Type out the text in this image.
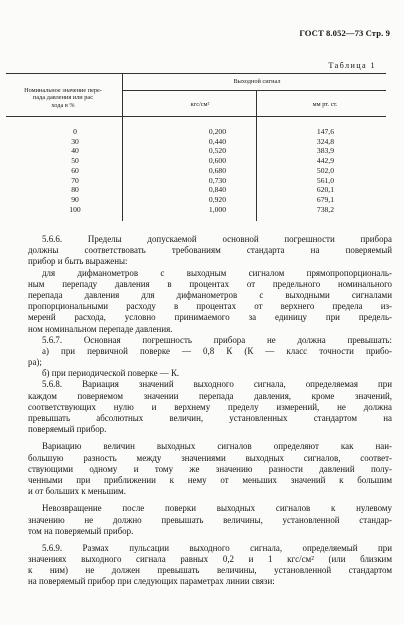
ГОСТ 8.052—73 Стр. 9
Таблица 1
Номинальное значение пере-
пада давления или рас
хода в %
Выходной сигнал
кгс/см²	мм рт. ст.
0	0,200	147,6
30	0,440	324,8
40	0,520	383,9
50	0,600	442,9
60	0,680	502,0
70	0,730	561,0
80	0,840	620,1
90	0,920	679,1
100	1,000	738,2
5.6.6. Пределы допускаемой основной погрешности прибора
должны соответствовать требованиям стандарта на поверяемый
прибор и быть выражены:
для дифманометров с выходным сигналом прямопропорциональ-
ным перепаду давления в процентах от предельного номинального
перепада давления для дифманометров с выходными сигналами
пропорциональными расходу в процентах от верхнего предела из-
меренй расхода, условно принимаемого за единицу при предель-
ном номинальном перепаде давления.
5.6.7. Основная погрешность прибора не должна превышать:
а) при первичной поверке — 0,8 К (К — класс точности прибо-
ра);
б) при периодической поверке — К.
5.6.8. Вариация значений выходного сигнала, определяемая при
каждом поверяемом значении перепада давления, кроме значений,
соответствующих нулю и верхнему пределу измерений, не должна
превышать абсолютных величин, установленных стандартом на
поверяемый прибор.
Вариацию величин выходных сигналов определяют как наи-
большую разность между значениями выходных сигналов, соответ-
ствующими одному и тому же значению разности давлений полу-
ченными при приближении к нему от меньших значений к большим
и от больших к меньшим.
Невозвращение после поверки выходных сигналов к нулевому
значению не должно превышать величины, установленной стандар-
том на поверяемый прибор.
5.6.9. Размах пульсации выходного сигнала, определяемый при
значениях выходного сигнала равных 0,2 и 1 кгс/см² (или близким
к ним) не должен превышать величины, установленной стандартом
на поверяемый прибор при следующих параметрах линии связи:
